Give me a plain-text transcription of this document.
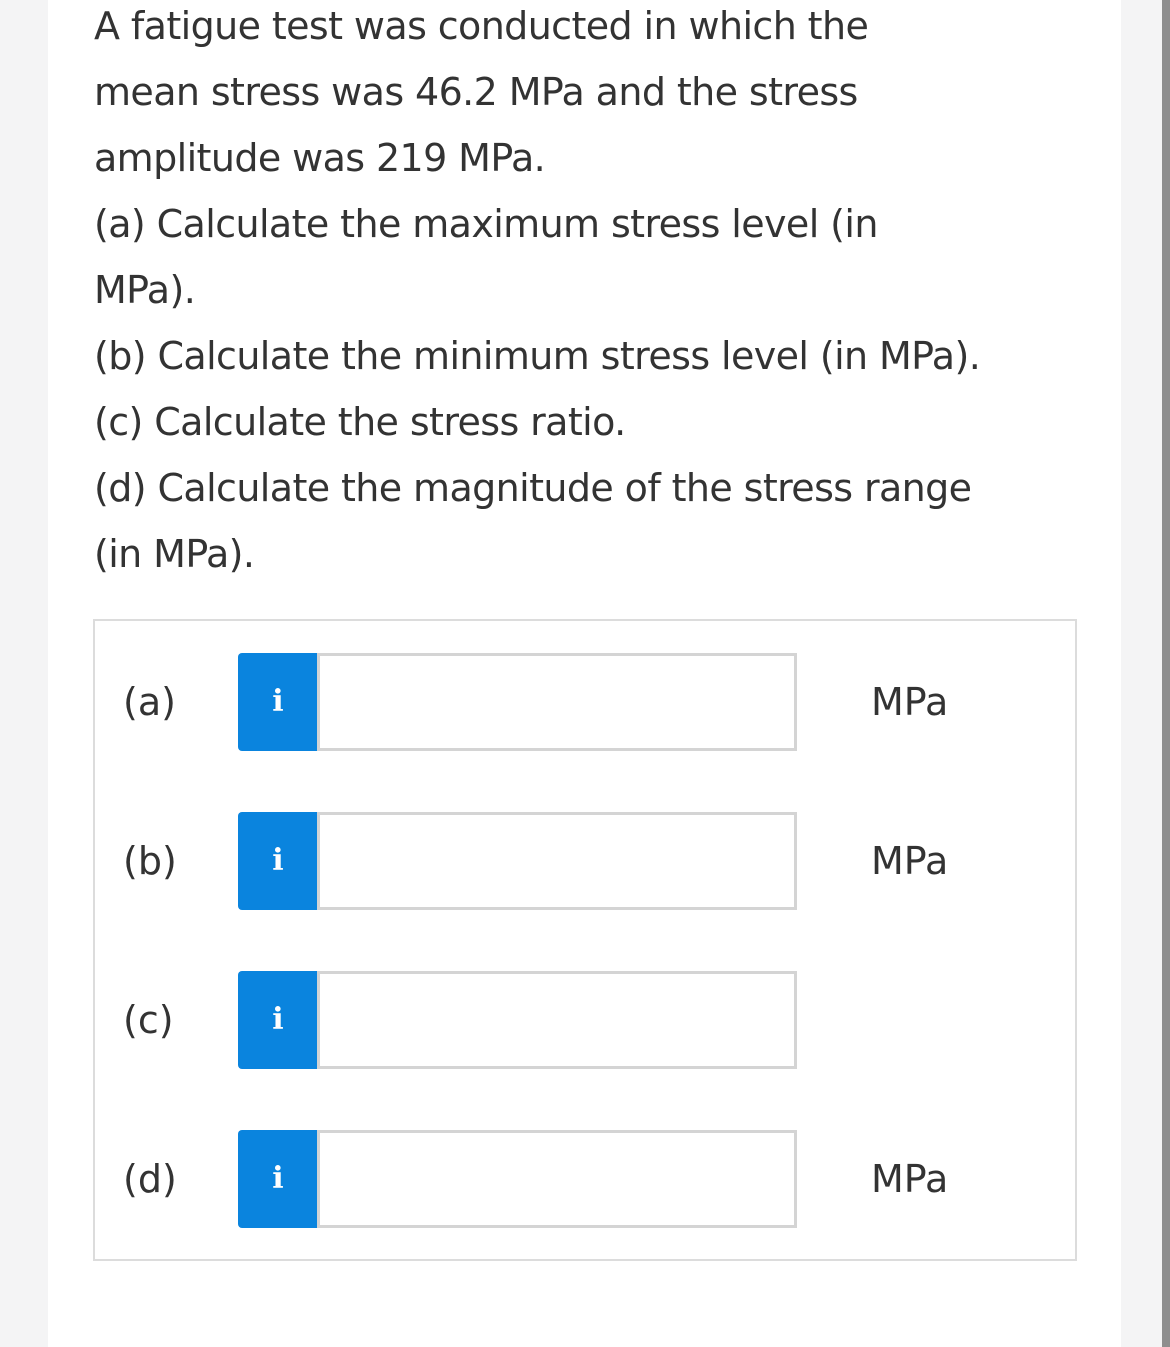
A fatigue test was conducted in which the

mean stress was 46.2 MPa and the stress

amplitude was 219 MPa.

(a) Calculate the maximum stress level (in

MPa).

(b) Calculate the minimum stress level (in MPa).

(c) Calculate the stress ratio.

(d) Calculate the magnitude of the stress range

(in MPa).

(a)	i	MPa
(b)	i	MPa
(c)	i
(d)	i	MPa
